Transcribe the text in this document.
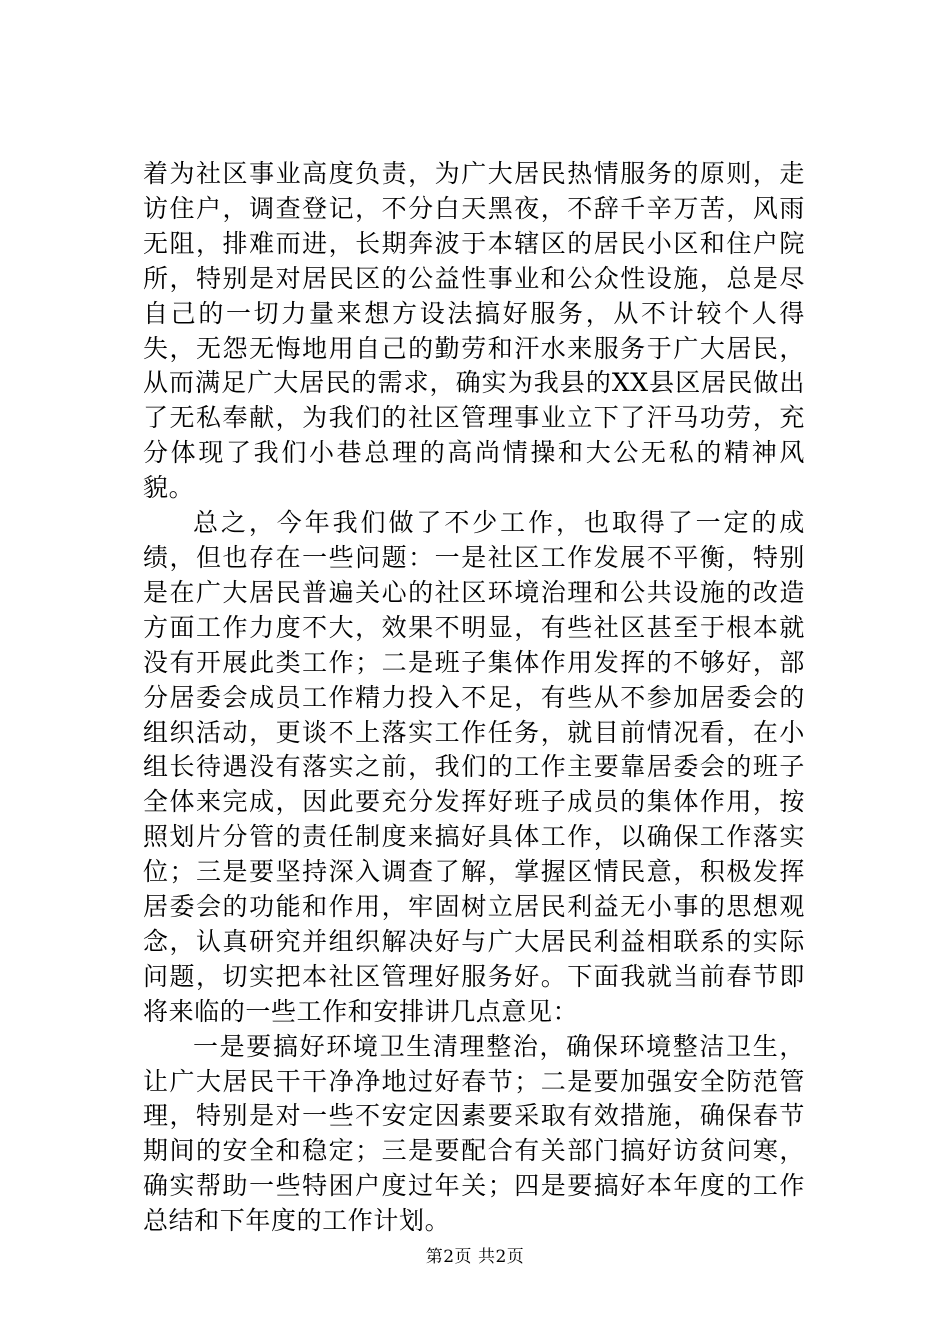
着为社区事业高度负责，为广大居民热情服务的原则，走访住户，调查登记，不分白天黑夜，不辞千辛万苦，风雨无阻，排难而进，长期奔波于本辖区的居民小区和住户院所，特别是对居民区的公益性事业和公众性设施，总是尽自己的一切力量来想方设法搞好服务，从不计较个人得失，无怨无悔地用自己的勤劳和汗水来服务于广大居民，从而满足广大居民的需求，确实为我县的XX县区居民做出了无私奉献，为我们的社区管理事业立下了汗马功劳，充分体现了我们小巷总理的高尚情操和大公无私的精神风貌。

总之，今年我们做了不少工作，也取得了一定的成绩，但也存在一些问题：一是社区工作发展不平衡，特别是在广大居民普遍关心的社区环境治理和公共设施的改造方面工作力度不大，效果不明显，有些社区甚至于根本就没有开展此类工作；二是班子集体作用发挥的不够好，部分居委会成员工作精力投入不足，有些从不参加居委会的组织活动，更谈不上落实工作任务，就目前情况看，在小组长待遇没有落实之前，我们的工作主要靠居委会的班子全体来完成，因此要充分发挥好班子成员的集体作用，按照划片分管的责任制度来搞好具体工作，以确保工作落实位；三是要坚持深入调查了解，掌握区情民意，积极发挥居委会的功能和作用，牢固树立居民利益无小事的思想观念，认真研究并组织解决好与广大居民利益相联系的实际问题，切实把本社区管理好服务好。下面我就当前春节即将来临的一些工作和安排讲几点意见：

一是要搞好环境卫生清理整治，确保环境整洁卫生，让广大居民干干净净地过好春节；二是要加强安全防范管理，特别是对一些不安定因素要采取有效措施，确保春节期间的安全和稳定；三是要配合有关部门搞好访贫问寒，确实帮助一些特困户度过年关；四是要搞好本年度的工作总结和下年度的工作计划。

第2页 共2页
